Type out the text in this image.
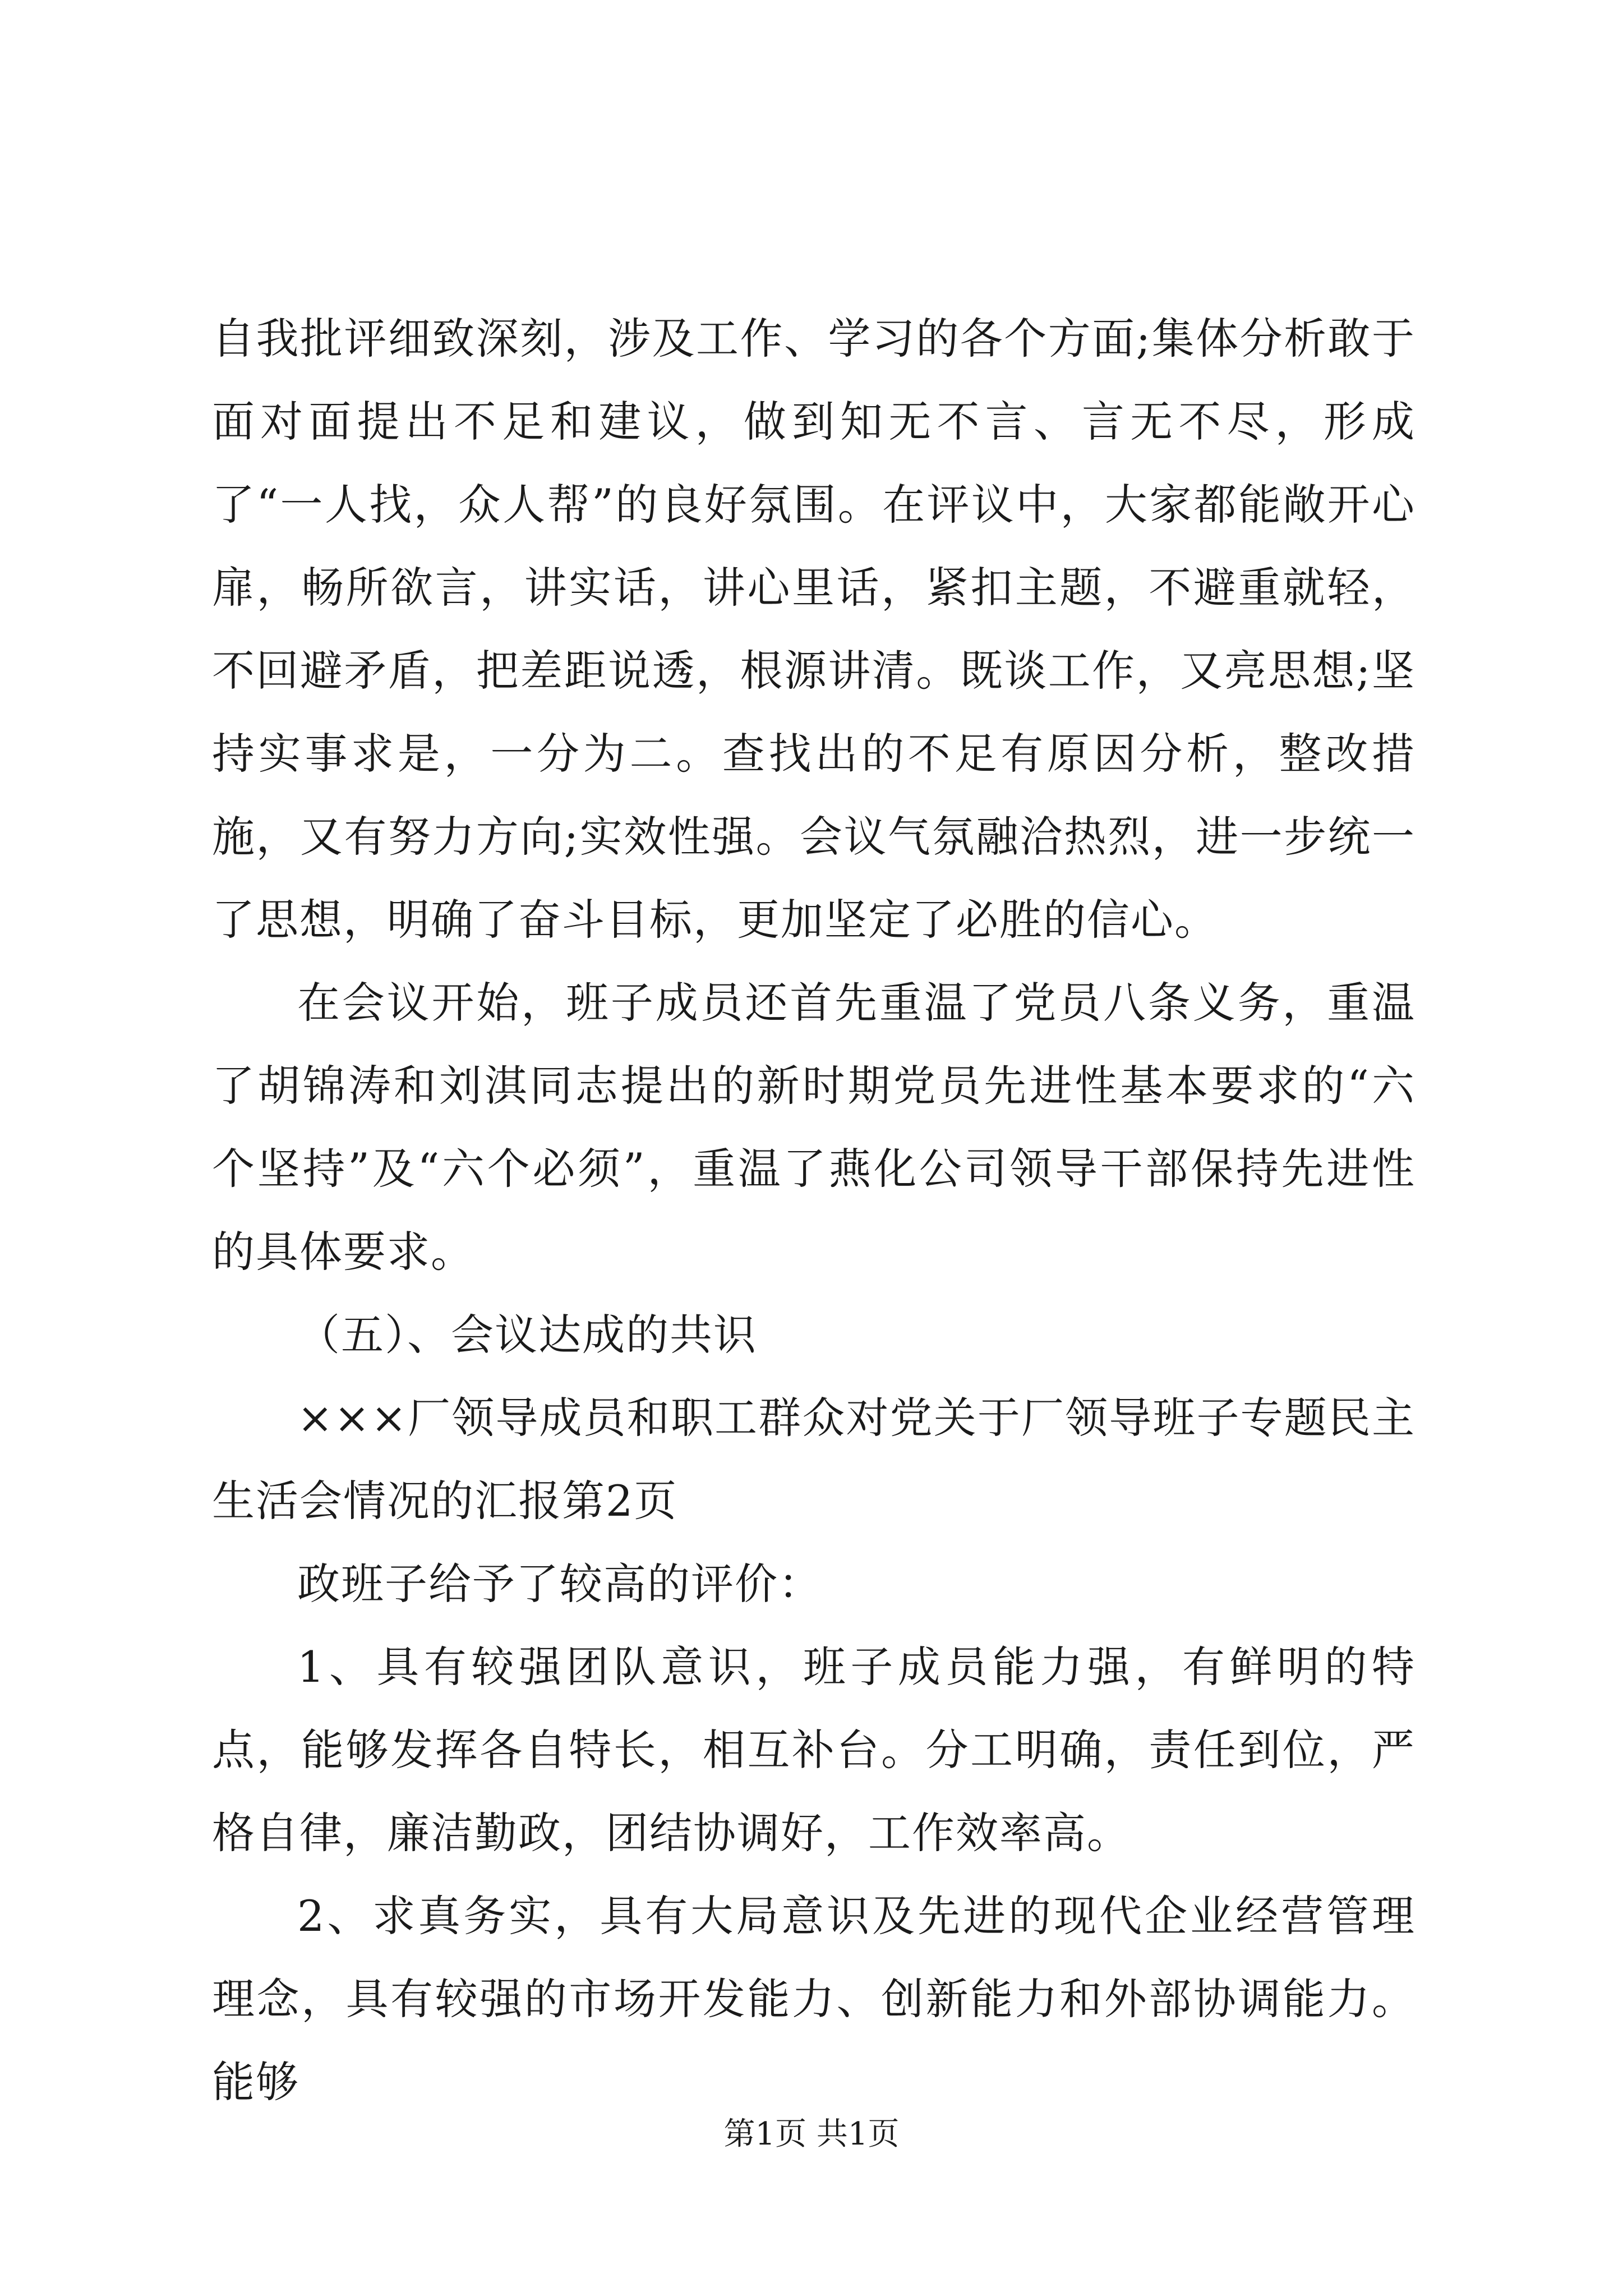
自我批评细致深刻，涉及工作、学习的各个方面;集体分析敢于面对面提出不足和建议，做到知无不言、言无不尽，形成了“一人找，众人帮”的良好氛围。在评议中，大家都能敞开心扉，畅所欲言，讲实话，讲心里话，紧扣主题，不避重就轻，不回避矛盾，把差距说透，根源讲清。既谈工作，又亮思想;坚持实事求是，一分为二。查找出的不足有原因分析，整改措施，又有努力方向;实效性强。会议气氛融洽热烈，进一步统一了思想，明确了奋斗目标，更加坚定了必胜的信心。

在会议开始，班子成员还首先重温了党员八条义务，重温了胡锦涛和刘淇同志提出的新时期党员先进性基本要求的“六个坚持”及“六个必须”，重温了燕化公司领导干部保持先进性的具体要求。

（五）、会议达成的共识

×××厂领导成员和职工群众对党关于厂领导班子专题民主生活会情况的汇报第2页

政班子给予了较高的评价：

1、具有较强团队意识，班子成员能力强，有鲜明的特点，能够发挥各自特长，相互补台。分工明确，责任到位，严格自律，廉洁勤政，团结协调好，工作效率高。

2、求真务实，具有大局意识及先进的现代企业经营管理理念，具有较强的市场开发能力、创新能力和外部协调能力。能够

第1页 共1页
